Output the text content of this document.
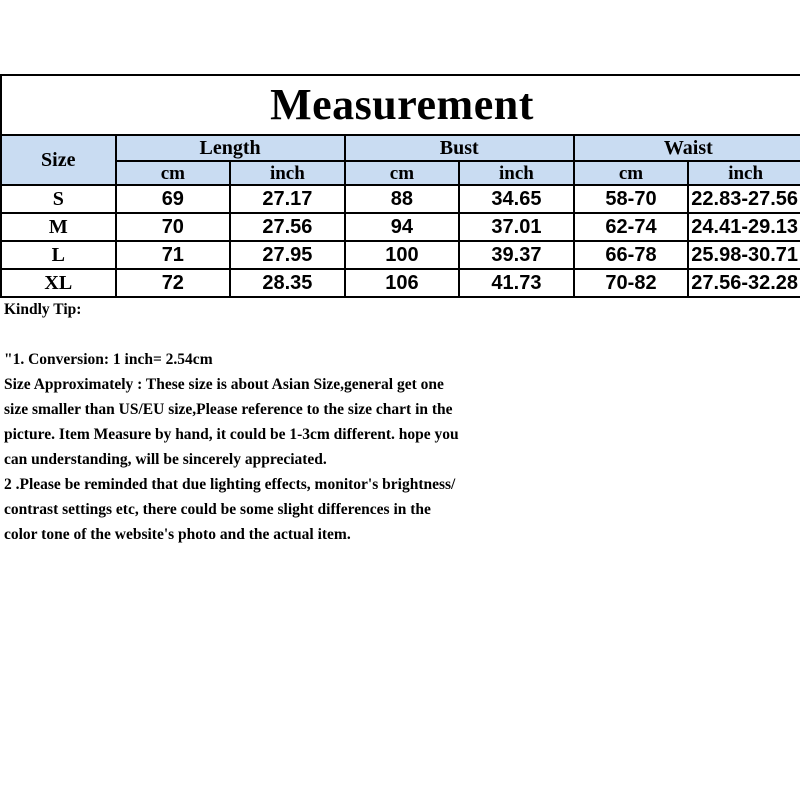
Measurement						
Size	Length		Bust		Waist	
	cm	inch	cm	inch	cm	inch
S	69	27.17	88	34.65	58-70	22.83-27.56
M	70	27.56	94	37.01	62-74	24.41-29.13
L	71	27.95	100	39.37	66-78	25.98-30.71
XL	72	28.35	106	41.73	70-82	27.56-32.28

Kindly Tip:

"1. Conversion: 1 inch= 2.54cm

Size Approximately : These size is about Asian Size,general get one

size smaller than US/EU size,Please reference to the size chart in the

picture. Item Measure by hand, it could be 1-3cm different. hope you

can understanding, will be sincerely appreciated.

2 .Please be reminded that due lighting effects, monitor's brightness/

contrast settings etc, there could be some slight differences in the

color tone of the website's photo and the actual item.
